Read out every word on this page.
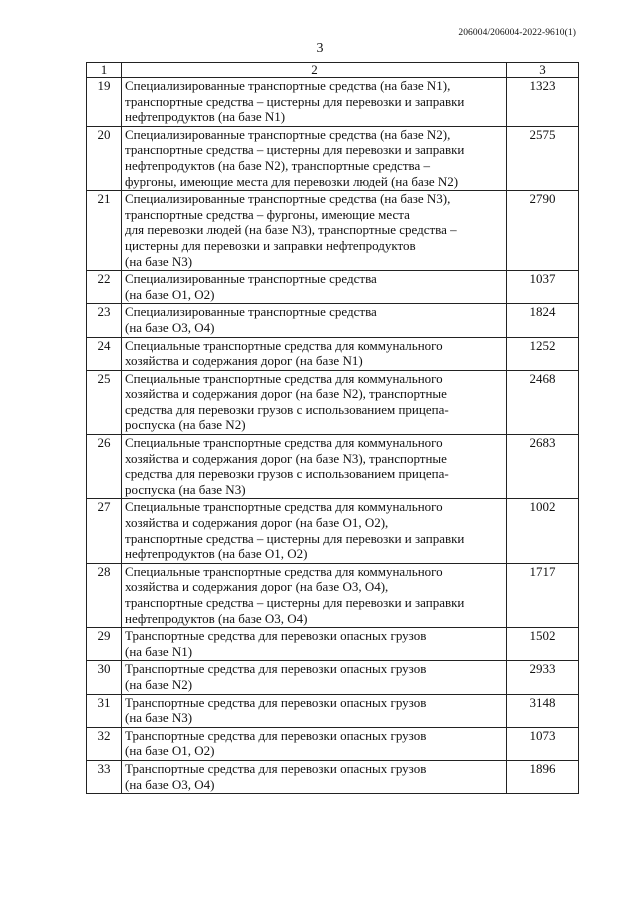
206004/206004-2022-9610(1)
3
1	2	3
19	Специализированные транспортные средства (на базе N1),
транспортные средства – цистерны для перевозки и заправки
нефтепродуктов (на базе N1)	1323
20	Специализированные транспортные средства (на базе N2),
транспортные средства – цистерны для перевозки и заправки
нефтепродуктов (на базе N2), транспортные средства –
фургоны, имеющие места для перевозки людей (на базе N2)	2575
21	Специализированные транспортные средства (на базе N3),
транспортные средства – фургоны, имеющие места
для перевозки людей (на базе N3), транспортные средства –
цистерны для перевозки и заправки нефтепродуктов
(на базе N3)	2790
22	Специализированные транспортные средства
(на базе O1, O2)	1037
23	Специализированные транспортные средства
(на базе O3, O4)	1824
24	Специальные транспортные средства для коммунального
хозяйства и содержания дорог (на базе N1)	1252
25	Специальные транспортные средства для коммунального
хозяйства и содержания дорог (на базе N2), транспортные
средства для перевозки грузов с использованием прицепа-
роспуска (на базе N2)	2468
26	Специальные транспортные средства для коммунального
хозяйства и содержания дорог (на базе N3), транспортные
средства для перевозки грузов с использованием прицепа-
роспуска (на базе N3)	2683
27	Специальные транспортные средства для коммунального
хозяйства и содержания дорог (на базе O1, O2),
транспортные средства – цистерны для перевозки и заправки
нефтепродуктов (на базе O1, O2)	1002
28	Специальные транспортные средства для коммунального
хозяйства и содержания дорог (на базе O3, O4),
транспортные средства – цистерны для перевозки и заправки
нефтепродуктов (на базе O3, O4)	1717
29	Транспортные средства для перевозки опасных грузов
(на базе N1)	1502
30	Транспортные средства для перевозки опасных грузов
(на базе N2)	2933
31	Транспортные средства для перевозки опасных грузов
(на базе N3)	3148
32	Транспортные средства для перевозки опасных грузов
(на базе O1, O2)	1073
33	Транспортные средства для перевозки опасных грузов
(на базе O3, O4)	1896
